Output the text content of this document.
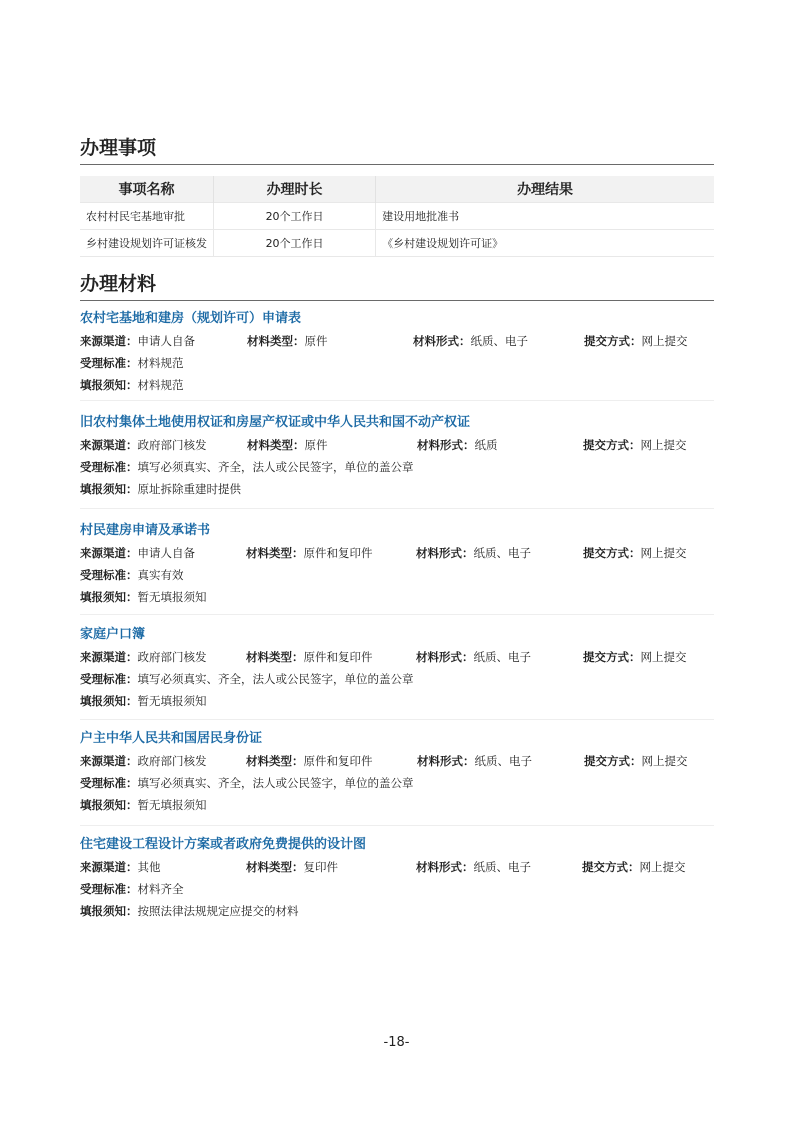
办理事项
事项名称	办理时长	办理结果
农村村民宅基地审批	20个工作日	建设用地批准书
乡村建设规划许可证核发	20个工作日	《乡村建设规划许可证》
办理材料
农村宅基地和建房（规划许可）申请表
来源渠道：申请人自备	材料类型：原件	材料形式：纸质、电子	提交方式：网上提交
受理标准：材料规范
填报须知：材料规范
旧农村集体土地使用权证和房屋产权证或中华人民共和国不动产权证
来源渠道：政府部门核发	材料类型：原件	材料形式：纸质	提交方式：网上提交
受理标准：填写必须真实、齐全，法人或公民签字，单位的盖公章
填报须知：原址拆除重建时提供
村民建房申请及承诺书
来源渠道：申请人自备	材料类型：原件和复印件	材料形式：纸质、电子	提交方式：网上提交
受理标准：真实有效
填报须知：暂无填报须知
家庭户口簿
来源渠道：政府部门核发	材料类型：原件和复印件	材料形式：纸质、电子	提交方式：网上提交
受理标准：填写必须真实、齐全，法人或公民签字，单位的盖公章
填报须知：暂无填报须知
户主中华人民共和国居民身份证
来源渠道：政府部门核发	材料类型：原件和复印件	材料形式：纸质、电子	提交方式：网上提交
受理标准：填写必须真实、齐全，法人或公民签字，单位的盖公章
填报须知：暂无填报须知
住宅建设工程设计方案或者政府免费提供的设计图
来源渠道：其他	材料类型：复印件	材料形式：纸质、电子	提交方式：网上提交
受理标准：材料齐全
填报须知：按照法律法规规定应提交的材料
-18-
